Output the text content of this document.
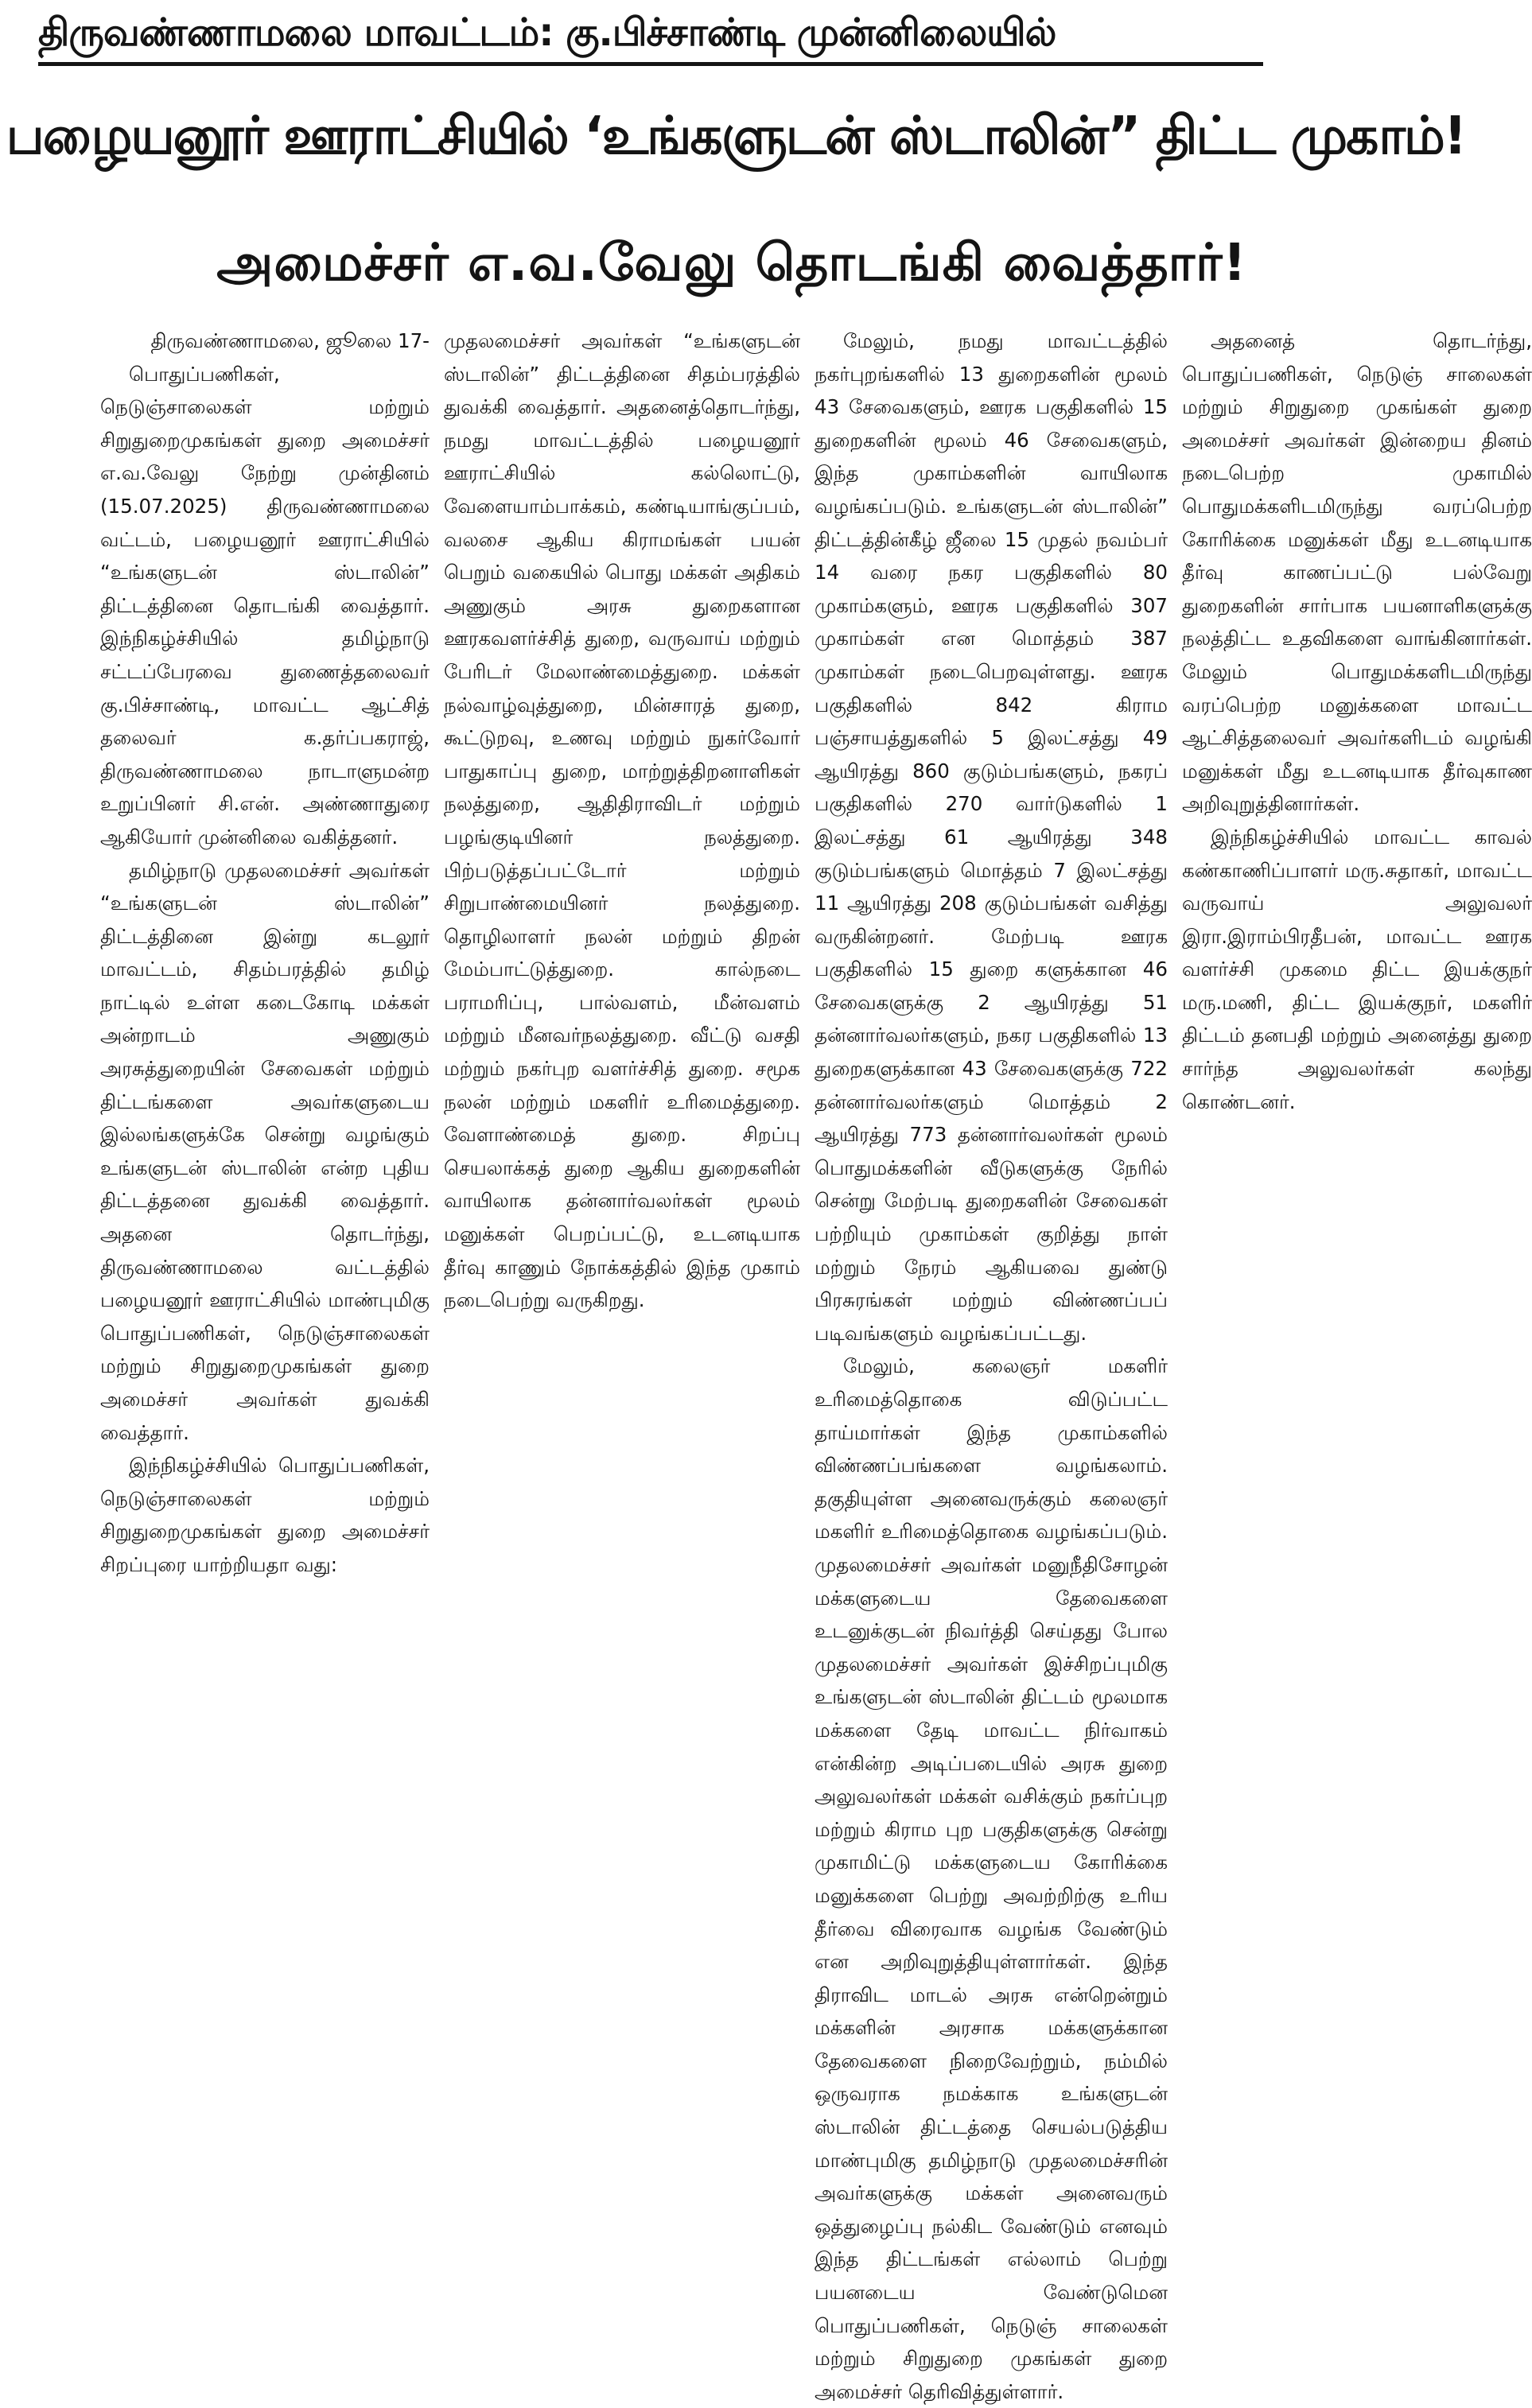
திருவண்ணாமலை மாவட்டம்: கு.பிச்சாண்டி முன்னிலையில்
பழையனூர் ஊராட்சியில் ‘உங்களுடன் ஸ்டாலின்” திட்ட முகாம்!
அமைச்சர் எ.வ.வேலு தொடங்கி வைத்தார்!
திருவண்ணாமலை, ஜூலை 17-

பொதுப்பணிகள், நெடுஞ்சாலைகள் மற்றும் சிறுதுறைமுகங்கள் துறை அமைச்சர் எ.வ.வேலு நேற்று முன்தினம் (15.07.2025) திருவண்ணாமலை வட்டம், பழையனூர் ஊராட்சியில் “உங்களுடன் ஸ்டாலின்” திட்டத்தினை தொடங்கி வைத்தார். இந்நிகழ்ச்சியில் தமிழ்நாடு சட்டப்பேரவை துணைத்தலைவர் கு.பிச்சாண்டி, மாவட்ட ஆட்சித் தலைவர் க.தர்ப்பகராஜ், திருவண்ணாமலை நாடாளுமன்ற உறுப்பினர் சி.என். அண்ணாதுரை ஆகியோர் முன்னிலை வகித்தனர்.

தமிழ்நாடு முதலமைச்சர் அவர்கள் “உங்களுடன் ஸ்டாலின்” திட்டத்தினை இன்று கடலூர் மாவட்டம், சிதம்பரத்தில் தமிழ் நாட்டில் உள்ள கடைகோடி மக்கள் அன்றாடம் அணுகும் அரசுத்துறையின் சேவைகள் மற்றும் திட்டங்களை அவர்களுடைய இல்லங்களுக்கே சென்று வழங்கும் உங்களுடன் ஸ்டாலின் என்ற புதிய திட்டத்தனை துவக்கி வைத்தார். அதனை தொடர்ந்து, திருவண்ணாமலை வட்டத்தில் பழையனூர் ஊராட்சியில் மாண்புமிகு பொதுப்பணிகள், நெடுஞ்சாலைகள் மற்றும் சிறுதுறைமுகங்கள் துறை அமைச்சர் அவர்கள் துவக்கி வைத்தார்.

இந்நிகழ்ச்சியில் பொதுப்பணிகள், நெடுஞ்சாலைகள் மற்றும் சிறுதுறைமுகங்கள் துறை அமைச்சர் சிறப்புரை யாற்றியதா வது:

முதலமைச்சர் அவர்கள் “உங்களுடன் ஸ்டாலின்” திட்டத்தினை சிதம்பரத்தில் துவக்கி வைத்தார். அதனைத்தொடர்ந்து, நமது மாவட்டத்தில் பழையனூர் ஊராட்சியில் கல்லொட்டு, வேளையாம்பாக்கம், கண்டியாங்குப்பம், வலசை ஆகிய கிராமங்கள் பயன் பெறும் வகையில் பொது மக்கள் அதிகம் அணுகும் அரசு துறைகளான ஊரகவளர்ச்சித் துறை, வருவாய் மற்றும் பேரிடர் மேலாண்மைத்துறை. மக்கள் நல்வாழ்வுத்துறை, மின்சாரத் துறை, கூட்டுறவு, உணவு மற்றும் நுகர்வோர் பாதுகாப்பு துறை, மாற்றுத்திறனாளிகள் நலத்துறை, ஆதிதிராவிடர் மற்றும் பழங்குடியினர் நலத்துறை. பிற்படுத்தப்பட்டோர் மற்றும் சிறுபாண்மையினர் நலத்துறை. தொழிலாளர் நலன் மற்றும் திறன் மேம்பாட்டுத்துறை. கால்நடை பராமரிப்பு, பால்வளம், மீன்வளம் மற்றும் மீனவர்நலத்துறை. வீட்டு வசதி மற்றும் நகர்புற வளர்ச்சித் துறை. சமூக நலன் மற்றும் மகளிர் உரிமைத்துறை. வேளாண்மைத் துறை. சிறப்பு செயலாக்கத் துறை ஆகிய துறைகளின் வாயிலாக தன்னார்வலர்கள் மூலம் மனுக்கள் பெறப்பட்டு, உடனடியாக தீர்வு காணும் நோக்கத்தில் இந்த முகாம் நடைபெற்று வருகிறது.

மேலும், நமது மாவட்டத்தில் நகர்புறங்களில் 13 துறைகளின் மூலம் 43 சேவைகளும், ஊரக பகுதிகளில் 15 துறைகளின் மூலம் 46 சேவைகளும், இந்த முகாம்களின் வாயிலாக வழங்கப்படும். உங்களுடன் ஸ்டாலின்” திட்டத்தின்கீழ் ஜீலை 15 முதல் நவம்பர் 14 வரை நகர பகுதிகளில் 80 முகாம்களும், ஊரக பகுதிகளில் 307 முகாம்கள் என மொத்தம் 387 முகாம்கள் நடைபெறவுள்ளது. ஊரக பகுதிகளில் 842 கிராம பஞ்சாயத்துகளில் 5 இலட்சத்து 49 ஆயிரத்து 860 குடும்பங்களும், நகரப் பகுதிகளில் 270 வார்டுகளில் 1 இலட்சத்து 61 ஆயிரத்து 348 குடும்பங்களும் மொத்தம் 7 இலட்சத்து 11 ஆயிரத்து 208 குடும்பங்கள் வசித்து வருகின்றனர். மேற்படி ஊரக பகுதிகளில் 15 துறை களுக்கான 46 சேவைகளுக்கு 2 ஆயிரத்து 51 தன்னார்வலர்களும், நகர பகுதிகளில் 13 துறைகளுக்கான 43 சேவைகளுக்கு 722 தன்னார்வலர்களும் மொத்தம் 2 ஆயிரத்து 773 தன்னார்வலர்கள் மூலம் பொதுமக்களின் வீடுகளுக்கு நேரில் சென்று மேற்படி துறைகளின் சேவைகள் பற்றியும் முகாம்கள் குறித்து நாள் மற்றும் நேரம் ஆகியவை துண்டு பிரசுரங்கள் மற்றும் விண்ணப்பப் படிவங்களும் வழங்கப்பட்டது.

மேலும், கலைஞர் மகளிர் உரிமைத்தொகை விடுப்பட்ட தாய்மார்கள் இந்த முகாம்களில் விண்ணப்பங்களை வழங்கலாம். தகுதியுள்ள அனைவருக்கும் கலைஞர் மகளிர் உரிமைத்தொகை வழங்கப்படும். முதலமைச்சர் அவர்கள் மனுநீதிசோழன் மக்களுடைய தேவைகளை உடனுக்குடன் நிவர்த்தி செய்தது போல முதலமைச்சர் அவர்கள் இச்சிறப்புமிகு உங்களுடன் ஸ்டாலின் திட்டம் மூலமாக மக்களை தேடி மாவட்ட நிர்வாகம் என்கின்ற அடிப்படையில் அரசு துறை அலுவலர்கள் மக்கள் வசிக்கும் நகர்ப்புற மற்றும் கிராம புற பகுதிகளுக்கு சென்று முகாமிட்டு மக்களுடைய கோரிக்கை மனுக்களை பெற்று அவற்றிற்கு உரிய தீர்வை விரைவாக வழங்க வேண்டும் என அறிவுறுத்தியுள்ளார்கள். இந்த திராவிட மாடல் அரசு என்றென்றும் மக்களின் அரசாக மக்களுக்கான தேவைகளை நிறைவேற்றும், நம்மில் ஒருவராக நமக்காக உங்களுடன் ஸ்டாலின் திட்டத்தை செயல்படுத்திய மாண்புமிகு தமிழ்நாடு முதலமைச்சரின் அவர்களுக்கு மக்கள் அனைவரும் ஒத்துழைப்பு நல்கிட வேண்டும் எனவும் இந்த திட்டங்கள் எல்லாம் பெற்று பயனடைய வேண்டுமென பொதுப்பணிகள், நெடுஞ் சாலைகள் மற்றும் சிறுதுறை முகங்கள் துறை அமைச்சர் தெரிவித்துள்ளார்.

அதனைத் தொடர்ந்து, பொதுப்பணிகள், நெடுஞ் சாலைகள் மற்றும் சிறுதுறை முகங்கள் துறை அமைச்சர் அவர்கள் இன்றைய தினம் நடைபெற்ற முகாமில் பொதுமக்களிடமிருந்து வரப்பெற்ற கோரிக்கை மனுக்கள் மீது உடனடியாக தீர்வு காணப்பட்டு பல்வேறு துறைகளின் சார்பாக பயனாளிகளுக்கு நலத்திட்ட உதவிகளை வாங்கினார்கள். மேலும் பொதுமக்களிடமிருந்து வரப்பெற்ற மனுக்களை மாவட்ட ஆட்சித்தலைவர் அவர்களிடம் வழங்கி மனுக்கள் மீது உடனடியாக தீர்வுகாண அறிவுறுத்தினார்கள்.

இந்நிகழ்ச்சியில் மாவட்ட காவல் கண்காணிப்பாளர் மரு.சுதாகர், மாவட்ட வருவாய் அலுவலர் இரா.இராம்பிரதீபன், மாவட்ட ஊரக வளர்ச்சி முகமை திட்ட இயக்குநர் மரு.மணி, திட்ட இயக்குநர், மகளிர் திட்டம் தனபதி மற்றும் அனைத்து துறை சார்ந்த அலுவலர்கள் கலந்து கொண்டனர்.
